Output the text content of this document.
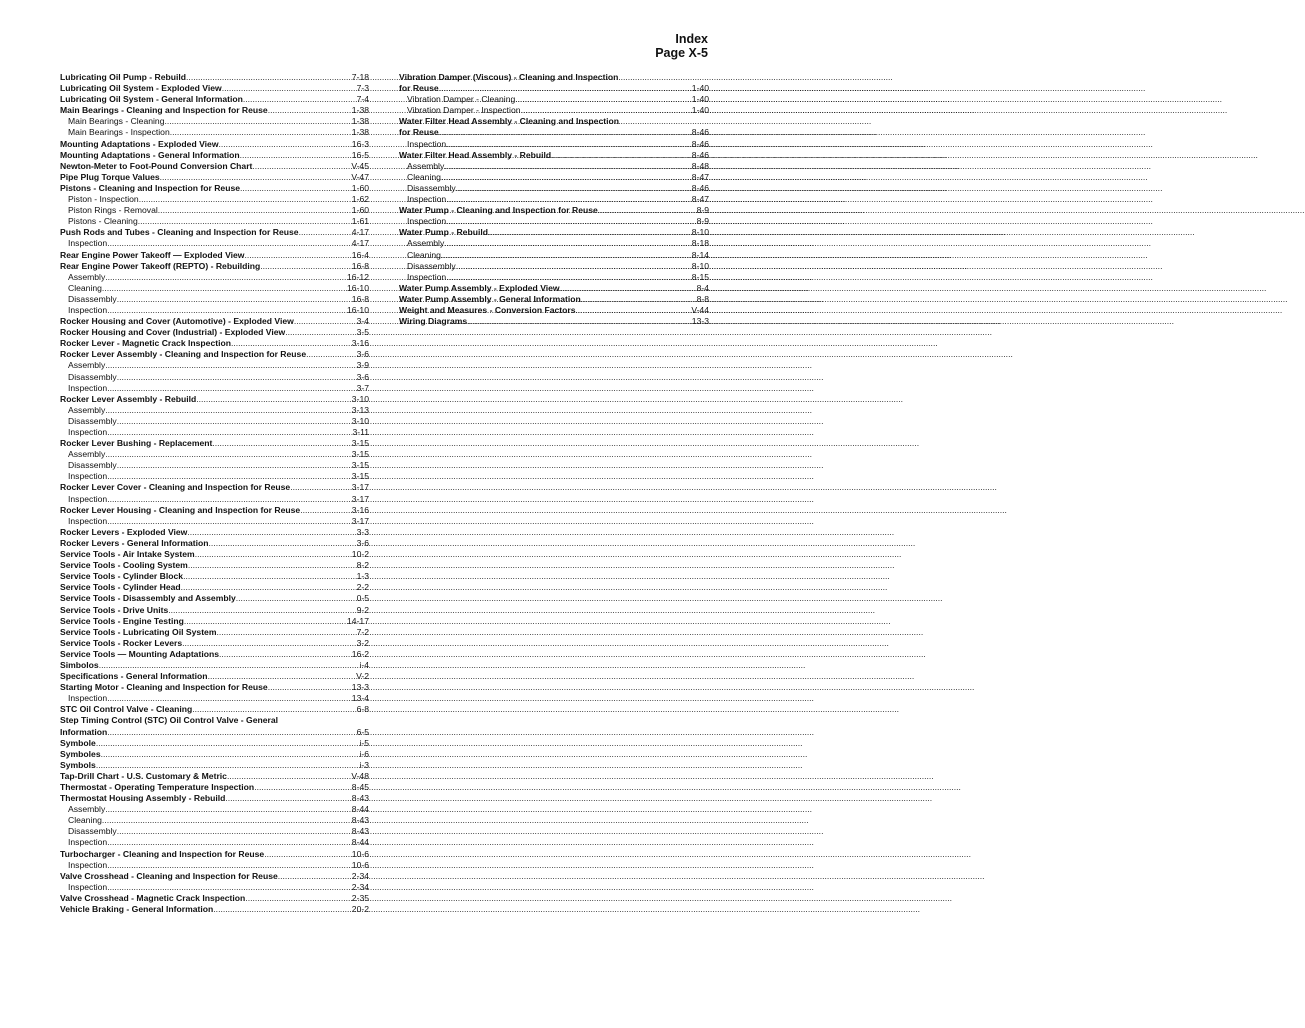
Index
Page X-5
Lubricating Oil Pump - Rebuild .....	7-18
Lubricating Oil System - Exploded View .....	7-3
Lubricating Oil System - General Information .....	7-4
Main Bearings - Cleaning and Inspection for Reuse .....	1-38
Main Bearings - Cleaning .....	1-38
Main Bearings - Inspection .....	1-38
Mounting Adaptations - Exploded View .....	16-3
Mounting Adaptations - General Information .....	16-5
Newton-Meter to Foot-Pound Conversion Chart .....	V-45
Pipe Plug Torque Values .....	V-47
Pistons - Cleaning and Inspection for Reuse .....	1-60
Piston - Inspection .....	1-62
Piston Rings - Removal .....	1-60
Pistons - Cleaning .....	1-61
Push Rods and Tubes - Cleaning and Inspection for Reuse .....	4-17
Inspection .....	4-17
Rear Engine Power Takeoff — Exploded View .....	16-4
Rear Engine Power Takeoff (REPTO) - Rebuilding .....	16-8
Assembly .....	16-12
Cleaning .....	16-10
Disassembly .....	16-8
Inspection .....	16-10
Rocker Housing and Cover (Automotive) - Exploded View .....	3-4
Rocker Housing and Cover (Industrial) - Exploded View .....	3-5
Rocker Lever - Magnetic Crack Inspection .....	3-16
Rocker Lever Assembly - Cleaning and Inspection for Reuse .....	3-6
Assembly .....	3-9
Disassembly .....	3-6
Inspection .....	3-7
Rocker Lever Assembly - Rebuild .....	3-10
Assembly .....	3-13
Disassembly .....	3-10
Inspection .....	3-11
Rocker Lever Bushing - Replacement .....	3-15
Assembly .....	3-15
Disassembly .....	3-15
Inspection .....	3-15
Rocker Lever Cover - Cleaning and Inspection for Reuse .....	3-17
Inspection .....	3-17
Rocker Lever Housing - Cleaning and Inspection for Reuse .....	3-16
Inspection .....	3-17
Rocker Levers - Exploded View .....	3-3
Rocker Levers - General Information .....	3-6
Service Tools - Air Intake System .....	10-2
Service Tools - Cooling System .....	8-2
Service Tools - Cylinder Block .....	1-3
Service Tools - Cylinder Head .....	2-2
Service Tools - Disassembly and Assembly .....	0-5
Service Tools - Drive Units .....	9-2
Service Tools - Engine Testing .....	14-17
Service Tools - Lubricating Oil System .....	7-2
Service Tools - Rocker Levers .....	3-2
Service Tools — Mounting Adaptations .....	16-2
Simbolos .....	i-4
Specifications - General Information .....	V-2
Starting Motor - Cleaning and Inspection for Reuse .....	13-3
Inspection .....	13-4
STC Oil Control Valve - Cleaning .....	6-8
Step Timing Control (STC) Oil Control Valve - General
Information .....	6-5
Symbole .....	i-5
Symboles .....	i-6
Symbols .....	i-3
Tap-Drill Chart - U.S. Customary & Metric .....	V-48
Thermostat - Operating Temperature Inspection .....	8-45
Thermostat Housing Assembly - Rebuild .....	8-43
Assembly .....	8-44
Cleaning .....	8-43
Disassembly .....	8-43
Inspection .....	8-44
Turbocharger - Cleaning and Inspection for Reuse .....	10-6
Inspection .....	10-6
Valve Crosshead - Cleaning and Inspection for Reuse .....	2-34
Inspection .....	2-34
Valve Crosshead - Magnetic Crack Inspection .....	2-35
Vehicle Braking - General Information .....	20-2
Vibration Damper (Viscous) - Cleaning and Inspection
for Reuse .....	1-40
Vibration Damper - Cleaning .....	1-40
Vibration Damper - Inspection .....	1-40
Water Filter Head Assembly - Cleaning and Inspection
for Reuse .....	8-46
Inspection .....	8-46
Water Filter Head Assembly - Rebuild .....	8-46
Assembly .....	8-48
Cleaning .....	8-47
Disassembly .....	8-46
Inspection .....	8-47
Water Pump - Cleaning and Inspection for Reuse .....	8-9
Inspection .....	8-9
Water Pump - Rebuild .....	8-10
Assembly .....	8-18
Cleaning .....	8-14
Disassembly .....	8-10
Inspection .....	8-15
Water Pump Assembly - Exploded View .....	8-4
Water Pump Assembly - General Information .....	8-8
Weight and Measures - Conversion Factors .....	V-44
Wiring Diagrams .....	13-3
